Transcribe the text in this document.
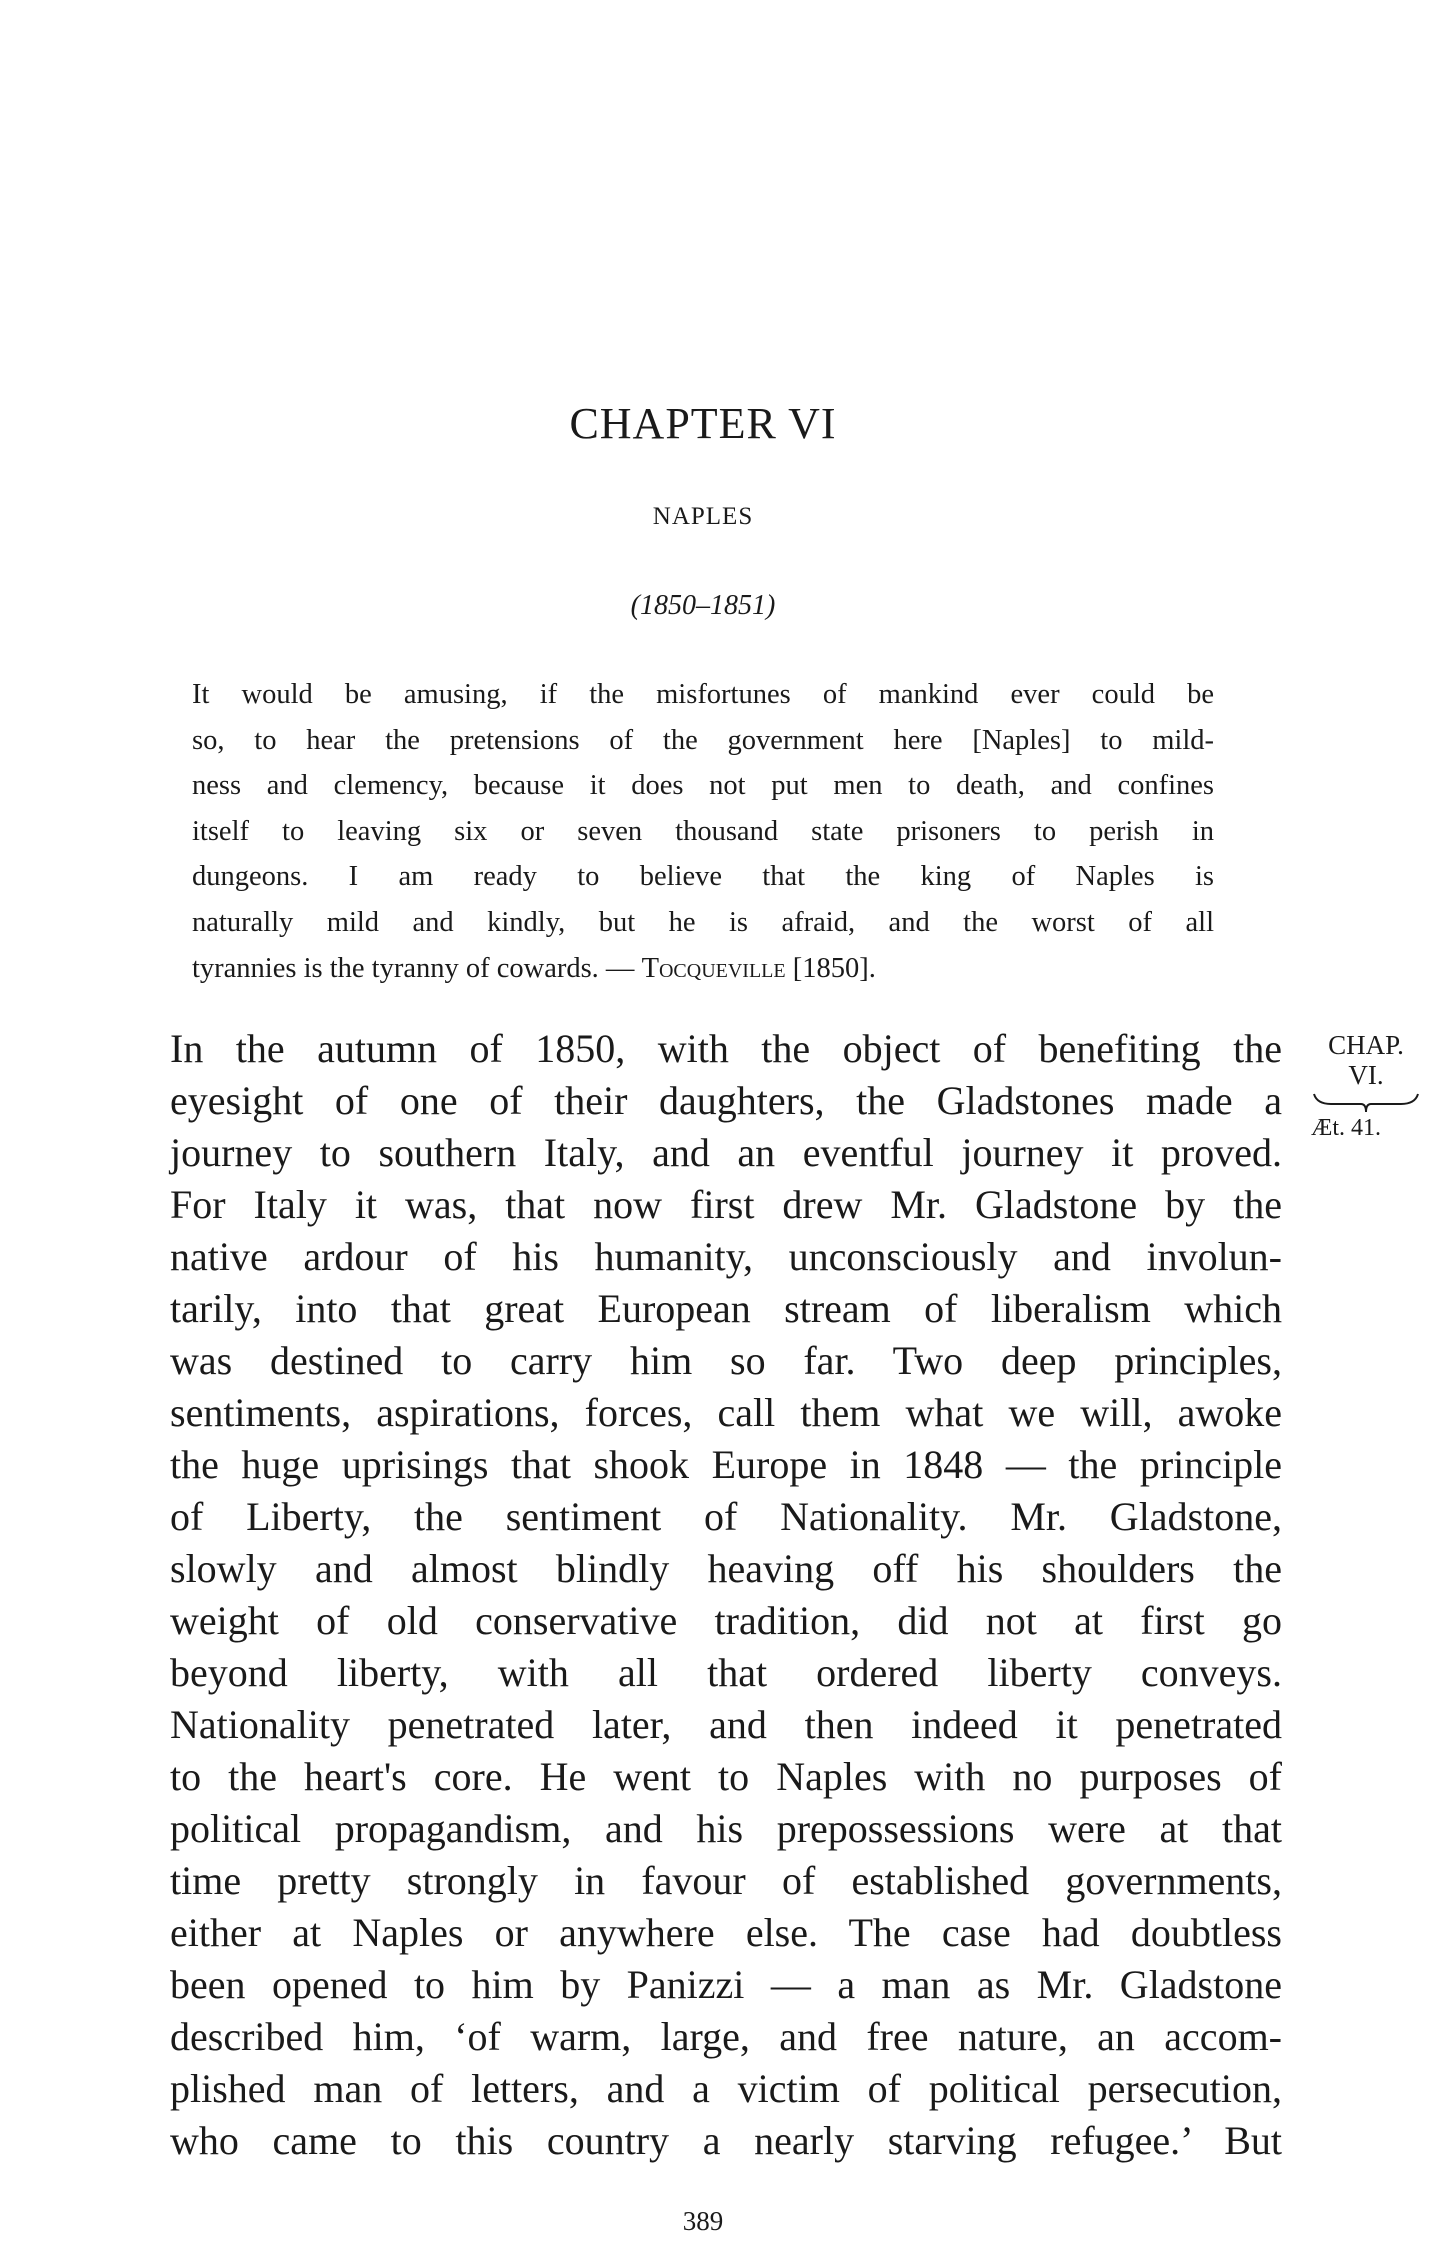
CHAPTER VI
NAPLES
(1850–1851)
It would be amusing, if the misfortunes of mankind ever could be
so, to hear the pretensions of the government here [Naples] to mild-
ness and clemency, because it does not put men to death, and confines
itself to leaving six or seven thousand state prisoners to perish in
dungeons. I am ready to believe that the king of Naples is
naturally mild and kindly, but he is afraid, and the worst of all
tyrannies is the tyranny of cowards. — Tocqueville [1850].
In the autumn of 1850, with the object of benefiting the
eyesight of one of their daughters, the Gladstones made a
journey to southern Italy, and an eventful journey it proved.
For Italy it was, that now first drew Mr. Gladstone by the
native ardour of his humanity, unconsciously and involun-
tarily, into that great European stream of liberalism which
was destined to carry him so far. Two deep principles,
sentiments, aspirations, forces, call them what we will, awoke
the huge uprisings that shook Europe in 1848 — the principle
of Liberty, the sentiment of Nationality. Mr. Gladstone,
slowly and almost blindly heaving off his shoulders the
weight of old conservative tradition, did not at first go
beyond liberty, with all that ordered liberty conveys.
Nationality penetrated later, and then indeed it penetrated
to the heart's core. He went to Naples with no purposes of
political propagandism, and his prepossessions were at that
time pretty strongly in favour of established governments,
either at Naples or anywhere else. The case had doubtless
been opened to him by Panizzi — a man as Mr. Gladstone
described him, ‘of warm, large, and free nature, an accom-
plished man of letters, and a victim of political persecution,
who came to this country a nearly starving refugee.’ But
CHAP.
VI.
Æt. 41.
389
